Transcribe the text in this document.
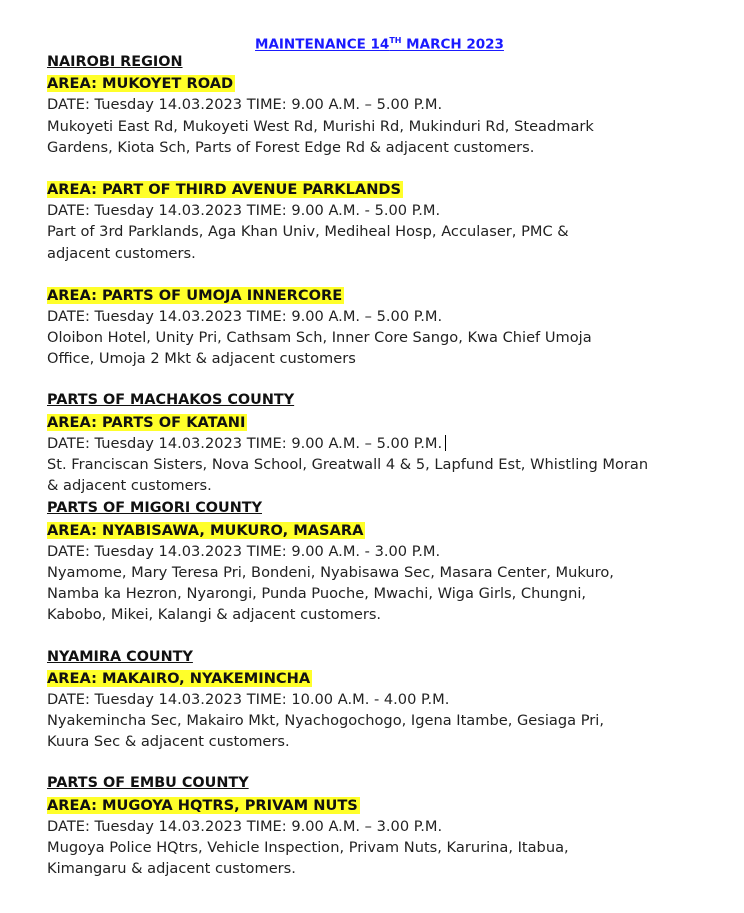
MAINTENANCE 14TH MARCH 2023
NAIROBI REGION
AREA: MUKOYET ROAD
DATE: Tuesday 14.03.2023 TIME: 9.00 A.M. – 5.00 P.M.
Mukoyeti East Rd, Mukoyeti West Rd, Murishi Rd, Mukinduri Rd, Steadmark
Gardens, Kiota Sch, Parts of Forest Edge Rd & adjacent customers.
AREA: PART OF THIRD AVENUE PARKLANDS
DATE: Tuesday 14.03.2023 TIME: 9.00 A.M. - 5.00 P.M.
Part of 3rd Parklands, Aga Khan Univ, Mediheal Hosp, Acculaser, PMC &
adjacent customers.
AREA: PARTS OF UMOJA INNERCORE
DATE: Tuesday 14.03.2023 TIME: 9.00 A.M. – 5.00 P.M.
Oloibon Hotel, Unity Pri, Cathsam Sch, Inner Core Sango, Kwa Chief Umoja
Office, Umoja 2 Mkt & adjacent customers
PARTS OF MACHAKOS COUNTY
AREA: PARTS OF KATANI
DATE: Tuesday 14.03.2023 TIME: 9.00 A.M. – 5.00 P.M.
St. Franciscan Sisters, Nova School, Greatwall 4 & 5, Lapfund Est, Whistling Moran
& adjacent customers.
PARTS OF MIGORI COUNTY
AREA: NYABISAWA, MUKURO, MASARA
DATE: Tuesday 14.03.2023 TIME: 9.00 A.M. - 3.00 P.M.
Nyamome, Mary Teresa Pri, Bondeni, Nyabisawa Sec, Masara Center, Mukuro,
Namba ka Hezron, Nyarongi, Punda Puoche, Mwachi, Wiga Girls, Chungni,
Kabobo, Mikei, Kalangi & adjacent customers.
NYAMIRA COUNTY
AREA: MAKAIRO, NYAKEMINCHA
DATE: Tuesday 14.03.2023 TIME: 10.00 A.M. - 4.00 P.M.
Nyakemincha Sec, Makairo Mkt, Nyachogochogo, Igena Itambe, Gesiaga Pri,
Kuura Sec & adjacent customers.
PARTS OF EMBU COUNTY
AREA: MUGOYA HQTRS, PRIVAM NUTS
DATE: Tuesday 14.03.2023 TIME: 9.00 A.M. – 3.00 P.M.
Mugoya Police HQtrs, Vehicle Inspection, Privam Nuts, Karurina, Itabua,
Kimangaru & adjacent customers.
